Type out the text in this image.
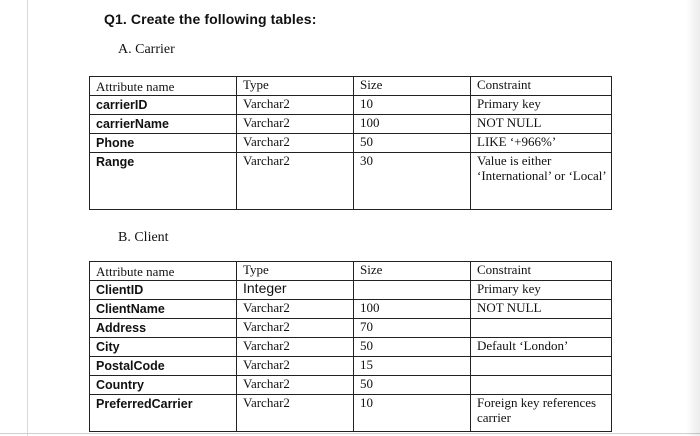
Q1. Create the following tables:
A. Carrier
Attribute name	Type	Size	Constraint
carrierID	Varchar2	10	Primary key
carrierName	Varchar2	100	NOT NULL
Phone	Varchar2	50	LIKE ‘+966%’
Range	Varchar2	30	Value is either ‘International’ or ‘Local’
B. Client
Attribute name	Type	Size	Constraint
ClientID	Integer		Primary key
ClientName	Varchar2	100	NOT NULL
Address	Varchar2	70	
City	Varchar2	50	Default ‘London’
PostalCode	Varchar2	15	
Country	Varchar2	50	
PreferredCarrier	Varchar2	10	Foreign key references carrier
